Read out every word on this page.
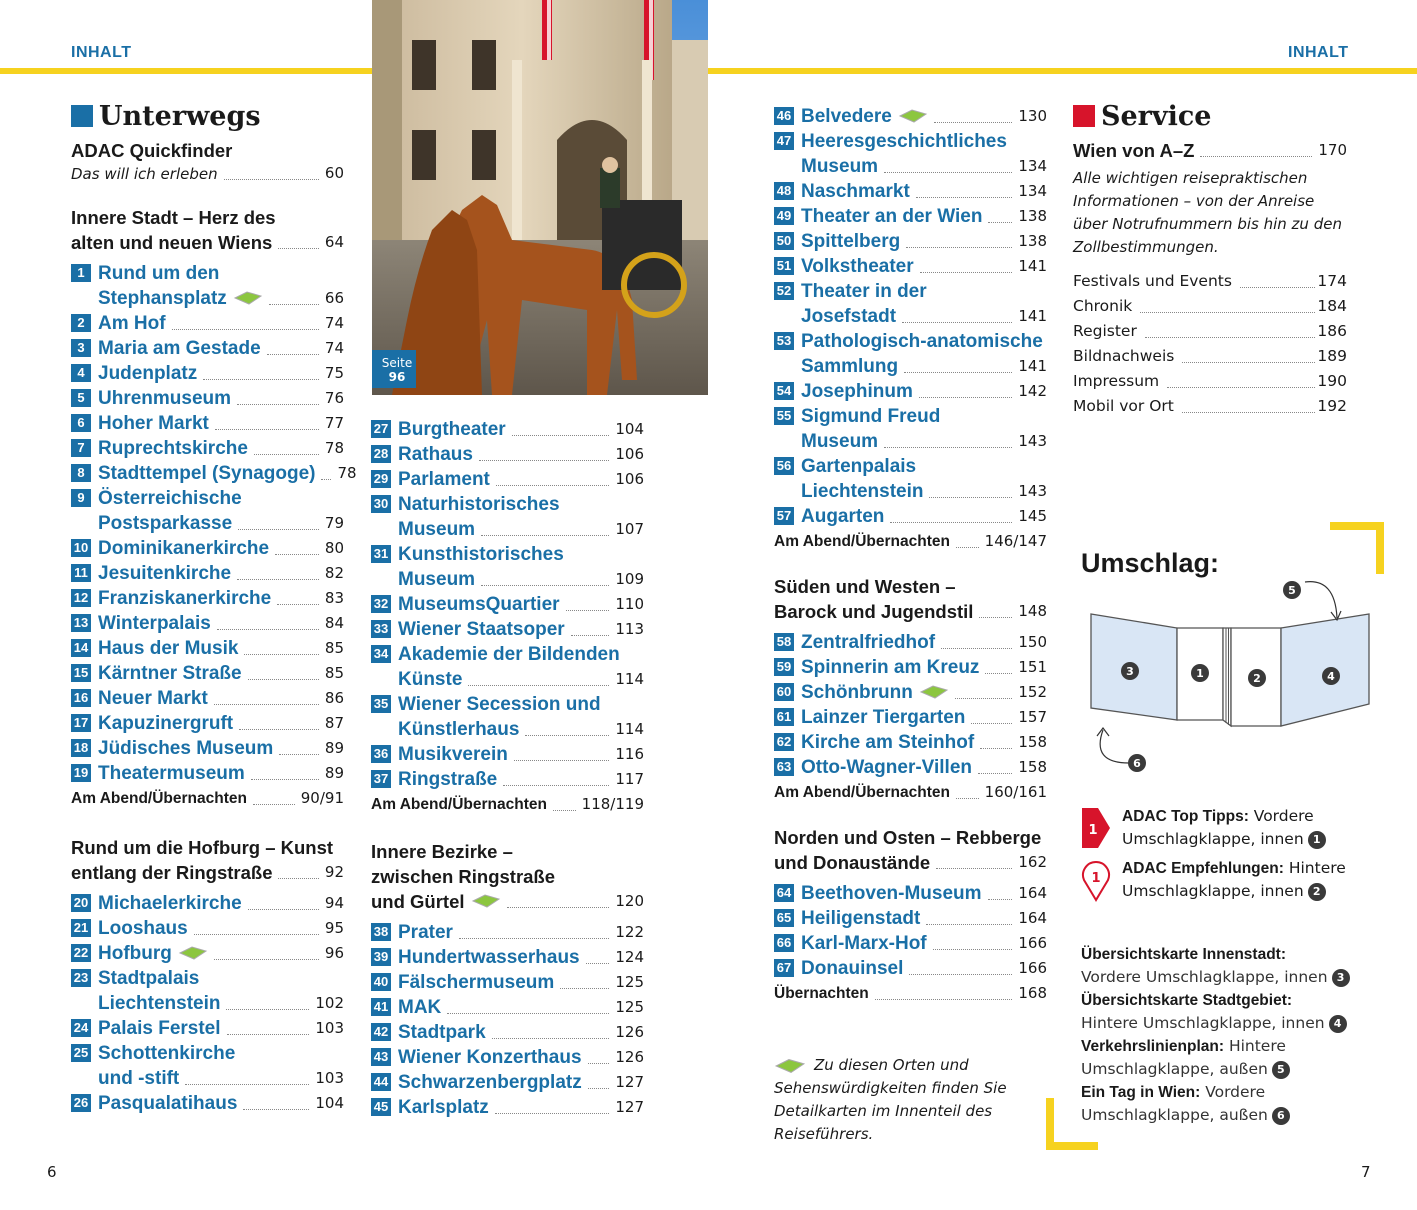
INHALT	INHALT
Seite
96
Unterwegs
ADAC Quickfinder
Das will ich erleben	60
Innere Stadt – Herz des
alten und neuen Wiens	64
1 Rund um den
Stephansplatz	66
2 Am Hof	74
3 Maria am Gestade	74
4 Judenplatz	75
5 Uhrenmuseum	76
6 Hoher Markt	77
7 Ruprechtskirche	78
8 Stadttempel (Synagoge) 78
9 Österreichische
Postsparkasse	79
10 Dominikanerkirche	80
11 Jesuitenkirche	82
12 Franziskanerkirche	83
13 Winterpalais	84
14 Haus der Musik	85
15 Kärntner Straße	85
16 Neuer Markt	86
17 Kapuzinergruft	87
18 Jüdisches Museum	89
19 Theatermuseum	89
Am Abend/Übernachten	90/91
Rund um die Hofburg – Kunst
entlang der Ringstraße	92
20 Michaelerkirche	94
21 Looshaus	95
22 Hofburg	96
23 Stadtpalais
Liechtenstein	102
24 Palais Ferstel	103
25 Schottenkirche
und -stift	103
26 Pasqualatihaus	104
27 Burgtheater	104
28 Rathaus	106
29 Parlament	106
30 Naturhistorisches
Museum	107
31 Kunsthistorisches
Museum	109
32 MuseumsQuartier	110
33 Wiener Staatsoper	113
34 Akademie der Bildenden
Künste	114
35 Wiener Secession und
Künstlerhaus	114
36 Musikverein	116
37 Ringstraße	117
Am Abend/Übernachten 118/119
Innere Bezirke –
zwischen Ringstraße
und Gürtel	120
38 Prater	122
39 Hundertwasserhaus 124
40 Fälschermuseum	125
41 MAK	125
42 Stadtpark	126
43 Wiener Konzerthaus 126
44 Schwarzenbergplatz 127
45 Karlsplatz	127
46 Belvedere	130
47 Heeresgeschichtliches
Museum	134
48 Naschmarkt	134
49 Theater an der Wien 138
50 Spittelberg	138
51 Volkstheater	141
52 Theater in der
Josefstadt	141
53 Pathologisch-anatomische
Sammlung	141
54 Josephinum	142
55 Sigmund Freud
Museum	143
56 Gartenpalais
Liechtenstein	143
57 Augarten	145
Am Abend/Übernachten 146/147
Süden und Westen –
Barock und Jugendstil	148
58 Zentralfriedhof	150
59 Spinnerin am Kreuz	151
60 Schönbrunn	152
61 Lainzer Tiergarten	157
62 Kirche am Steinhof	158
63 Otto-Wagner-Villen	158
Am Abend/Übernachten 160/161
Norden und Osten – Rebberge
und Donauständе	162
64 Beethoven-Museum 164
65 Heiligenstadt	164
66 Karl-Marx-Hof	166
67 Donauinsel	166
Übernachten	168
Zu diesen Orten und Sehenswürdigkeiten finden Sie Detailkarten im Innenteil des Reiseführers.
Service
Wien von A–Z	170
Alle wichtigen reisepraktischen Informationen – von der Anreise über Notrufnummern bis hin zu den Zollbestimmungen.
Festivals und Events	174
Chronik	184
Register	186
Bildnachweis	189
Impressum	190
Mobil vor Ort	192
Umschlag:
3	1	2	4
5
6
1
ADAC Top Tipps: Vordere Umschlagklappe, innen 1
1
ADAC Empfehlungen: Hintere Umschlagklappe, innen 2
Übersichtskarte Innenstadt:
Vordere Umschlagklappe, innen 3
Übersichtskarte Stadtgebiet:
Hintere Umschlagklappe, innen 4
Verkehrslinienplan: Hintere Umschlagklappe, außen 5
Ein Tag in Wien: Vordere Umschlagklappe, außen 6
6	7
